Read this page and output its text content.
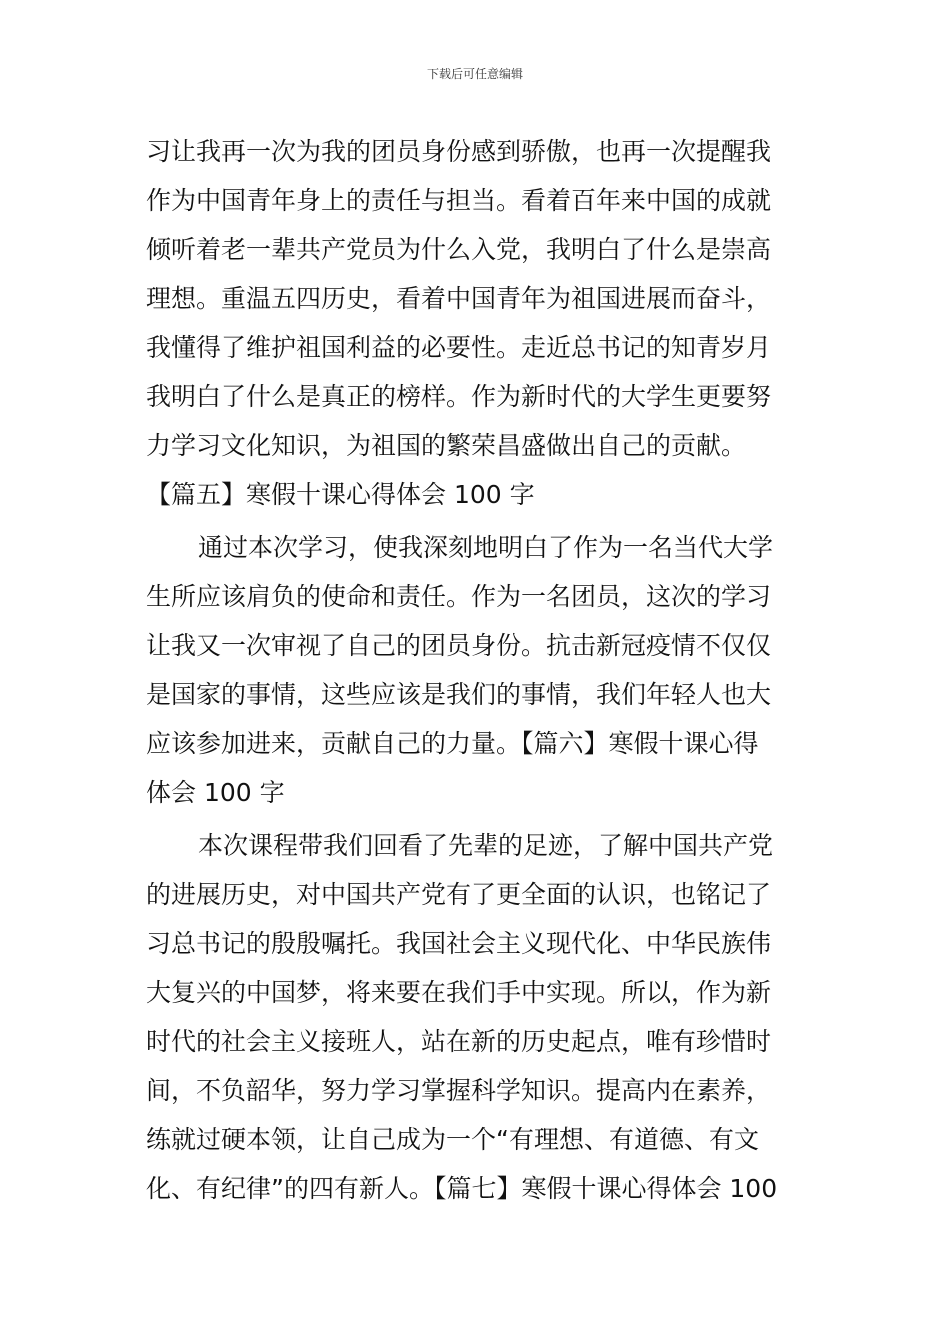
下载后可任意编辑
习让我再一次为我的团员身份感到骄傲，也再一次提醒我
作为中国青年身上的责任与担当。看着百年来中国的成就
倾听着老一辈共产党员为什么入党，我明白了什么是崇高
理想。重温五四历史，看着中国青年为祖国进展而奋斗，
我懂得了维护祖国利益的必要性。走近总书记的知青岁月
我明白了什么是真正的榜样。作为新时代的大学生更要努
力学习文化知识，为祖国的繁荣昌盛做出自己的贡献。
【篇五】寒假十课心得体会 100 字
通过本次学习，使我深刻地明白了作为一名当代大学
生所应该肩负的使命和责任。作为一名团员，这次的学习
让我又一次审视了自己的团员身份。抗击新冠疫情不仅仅
是国家的事情，这些应该是我们的事情，我们年轻人也大
应该参加进来，贡献自己的力量。【篇六】寒假十课心得
体会 100 字
本次课程带我们回看了先辈的足迹，了解中国共产党
的进展历史，对中国共产党有了更全面的认识，也铭记了
习总书记的殷殷嘱托。我国社会主义现代化、中华民族伟
大复兴的中国梦，将来要在我们手中实现。所以，作为新
时代的社会主义接班人，站在新的历史起点，唯有珍惜时
间，不负韶华，努力学习掌握科学知识。提高内在素养，
练就过硬本领，让自己成为一个“有理想、有道德、有文
化、有纪律”的四有新人。【篇七】寒假十课心得体会 100
